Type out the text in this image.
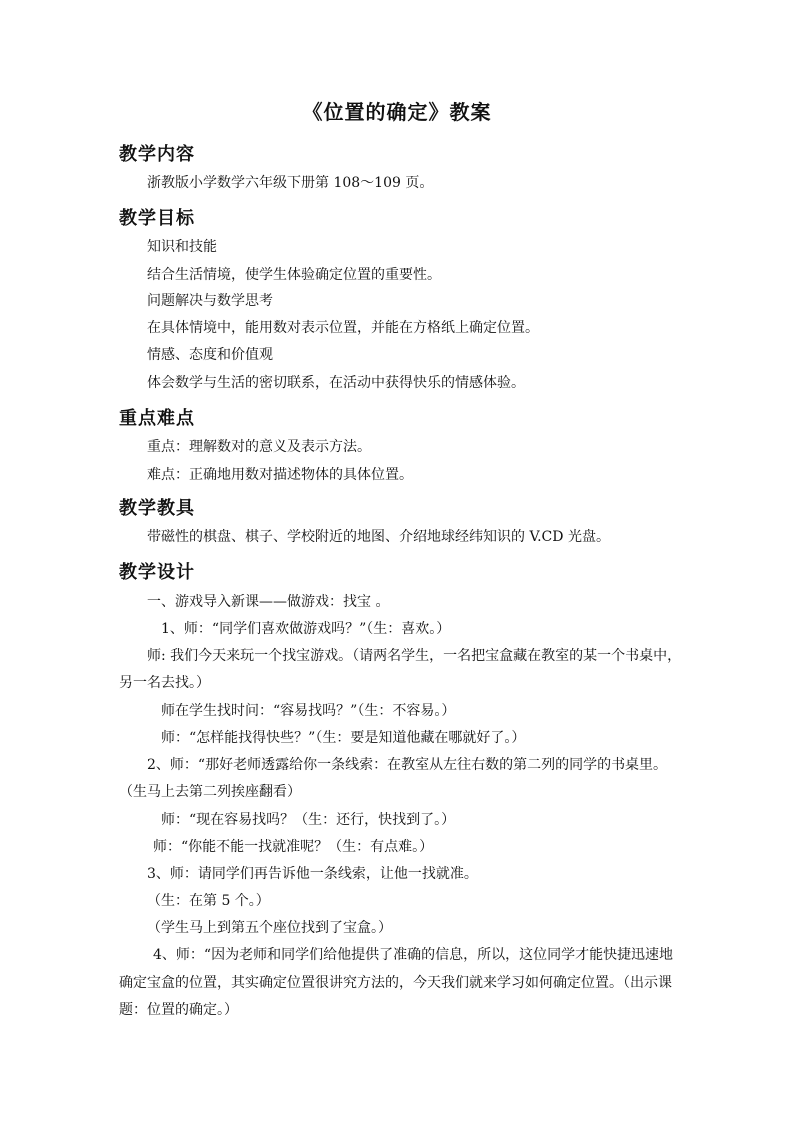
《位置的确定》教案
教学内容
浙教版小学数学六年级下册第 108～109 页。
教学目标
知识和技能
结合生活情境，使学生体验确定位置的重要性。
问题解决与数学思考
在具体情境中，能用数对表示位置，并能在方格纸上确定位置。
情感、态度和价值观
体会数学与生活的密切联系，在活动中获得快乐的情感体验。
重点难点
重点：理解数对的意义及表示方法。
难点：正确地用数对描述物体的具体位置。
教学教具
带磁性的棋盘、棋子、学校附近的地图、介绍地球经纬知识的 V.CD 光盘。
教学设计
一、游戏导入新课——做游戏：找宝 。
1、师：“同学们喜欢做游戏吗？”（生：喜欢。）
师: 我们今天来玩一个找宝游戏。（请两名学生，一名把宝盒藏在教室的某一个书桌中，
另一名去找。）
师在学生找时问：“容易找吗？”（生：不容易。）
师：“怎样能找得快些？”（生：要是知道他藏在哪就好了。）
2、师：“那好老师透露给你一条线索：在教室从左往右数的第二列的同学的书桌里。
（生马上去第二列挨座翻看）
师：“现在容易找吗？（生：还行，快找到了。）
师：“你能不能一找就准呢？（生：有点难。）
3、师：请同学们再告诉他一条线索，让他一找就准。
（生：在第 5 个。）
（学生马上到第五个座位找到了宝盒。）
4、师：“因为老师和同学们给他提供了准确的信息，所以，这位同学才能快捷迅速地
确定宝盒的位置，其实确定位置很讲究方法的，今天我们就来学习如何确定位置。（出示课
题：位置的确定。）
